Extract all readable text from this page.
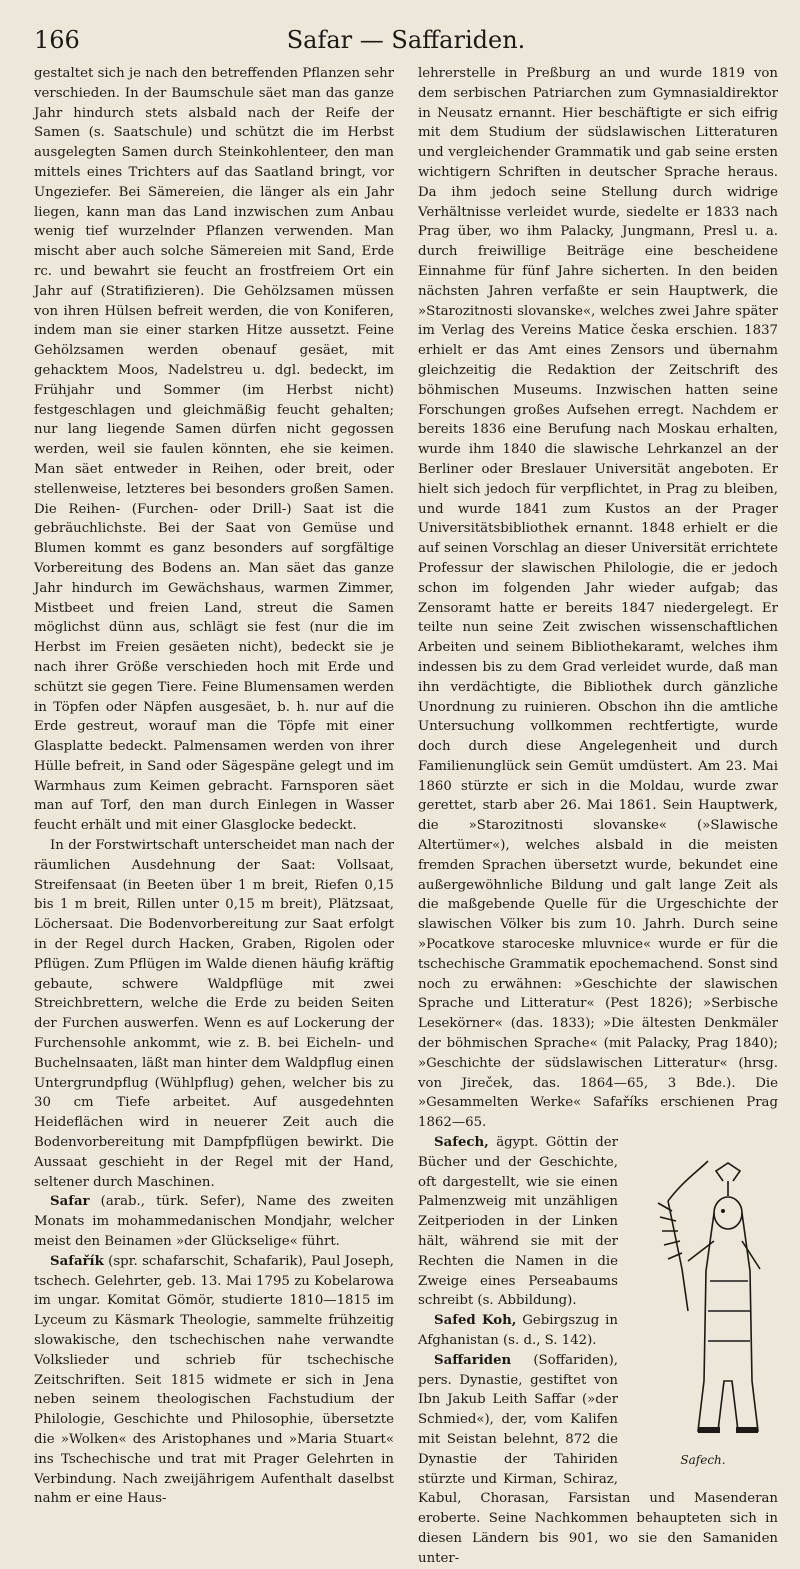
166	Safar — Saffariden.

gestaltet sich je nach den betreffenden Pflanzen sehr verschieden. In der Baumschule säet man das ganze Jahr hindurch stets alsbald nach der Reife der Samen (s. Saatschule) und schützt die im Herbst ausgelegten Samen durch Steinkohlenteer, den man mittels eines Trichters auf das Saatland bringt, vor Ungeziefer. Bei Sämereien, die länger als ein Jahr liegen, kann man das Land inzwischen zum Anbau wenig tief wurzelnder Pflanzen verwenden. Man mischt aber auch solche Sämereien mit Sand, Erde rc. und bewahrt sie feucht an frostfreiem Ort ein Jahr auf (Stratifizieren). Die Gehölzsamen müssen von ihren Hülsen befreit werden, die von Koniferen, indem man sie einer starken Hitze aussetzt. Feine Gehölzsamen werden obenauf gesäet, mit gehacktem Moos, Nadelstreu u. dgl. bedeckt, im Frühjahr und Sommer (im Herbst nicht) festgeschlagen und gleichmäßig feucht gehalten; nur lang liegende Samen dürfen nicht gegossen werden, weil sie faulen könnten, ehe sie keimen. Man säet entweder in Reihen, oder breit, oder stellenweise, letzteres bei besonders großen Samen. Die Reihen- (Furchen- oder Drill-) Saat ist die gebräuchlichste. Bei der Saat von Gemüse und Blumen kommt es ganz besonders auf sorgfältige Vorbereitung des Bodens an. Man säet das ganze Jahr hindurch im Gewächshaus, warmen Zimmer, Mistbeet und freien Land, streut die Samen möglichst dünn aus, schlägt sie fest (nur die im Herbst im Freien gesäeten nicht), bedeckt sie je nach ihrer Größe verschieden hoch mit Erde und schützt sie gegen Tiere. Feine Blumensamen werden in Töpfen oder Näpfen ausgesäet, b. h. nur auf die Erde gestreut, worauf man die Töpfe mit einer Glasplatte bedeckt. Palmensamen werden von ihrer Hülle befreit, in Sand oder Sägespäne gelegt und im Warmhaus zum Keimen gebracht. Farnsporen säet man auf Torf, den man durch Einlegen in Wasser feucht erhält und mit einer Glasglocke bedeckt.

In der Forstwirtschaft unterscheidet man nach der räumlichen Ausdehnung der Saat: Vollsaat, Streifensaat (in Beeten über 1 m breit, Riefen 0,15 bis 1 m breit, Rillen unter 0,15 m breit), Plätzsaat, Löchersaat. Die Bodenvorbereitung zur Saat erfolgt in der Regel durch Hacken, Graben, Rigolen oder Pflügen. Zum Pflügen im Walde dienen häufig kräftig gebaute, schwere Waldpflüge mit zwei Streichbrettern, welche die Erde zu beiden Seiten der Furchen auswerfen. Wenn es auf Lockerung der Furchensohle ankommt, wie z. B. bei Eicheln- und Buchelnsaaten, läßt man hinter dem Waldpflug einen Untergrundpflug (Wühlpflug) gehen, welcher bis zu 30 cm Tiefe arbeitet. Auf ausgedehnten Heideflächen wird in neuerer Zeit auch die Bodenvorbereitung mit Dampfpflügen bewirkt. Die Aussaat geschieht in der Regel mit der Hand, seltener durch Maschinen.

Safar (arab., türk. Sefer), Name des zweiten Monats im mohammedanischen Mondjahr, welcher meist den Beinamen »der Glückselige« führt.

Safařík (spr. schafarschit, Schafarik), Paul Joseph, tschech. Gelehrter, geb. 13. Mai 1795 zu Kobelarowa im ungar. Komitat Gömör, studierte 1810—1815 im Lyceum zu Käsmark Theologie, sammelte frühzeitig slowakische, den tschechischen nahe verwandte Volkslieder und schrieb für tschechische Zeitschriften. Seit 1815 widmete er sich in Jena neben seinem theologischen Fachstudium der Philologie, Geschichte und Philosophie, übersetzte die »Wolken« des Aristophanes und »Maria Stuart« ins Tschechische und trat mit Prager Gelehrten in Verbindung. Nach zweijährigem Aufenthalt daselbst nahm er eine Haus-

lehrerstelle in Preßburg an und wurde 1819 von dem serbischen Patriarchen zum Gymnasialdirektor in Neusatz ernannt. Hier beschäftigte er sich eifrig mit dem Studium der südslawischen Litteraturen und vergleichender Grammatik und gab seine ersten wichtigern Schriften in deutscher Sprache heraus. Da ihm jedoch seine Stellung durch widrige Verhältnisse verleidet wurde, siedelte er 1833 nach Prag über, wo ihm Palacky, Jungmann, Presl u. a. durch freiwillige Beiträge eine bescheidene Einnahme für fünf Jahre sicherten. In den beiden nächsten Jahren verfaßte er sein Hauptwerk, die »Starozitnosti slovanske«, welches zwei Jahre später im Verlag des Vereins Matice česka erschien. 1837 erhielt er das Amt eines Zensors und übernahm gleichzeitig die Redaktion der Zeitschrift des böhmischen Museums. Inzwischen hatten seine Forschungen großes Aufsehen erregt. Nachdem er bereits 1836 eine Berufung nach Moskau erhalten, wurde ihm 1840 die slawische Lehrkanzel an der Berliner oder Breslauer Universität angeboten. Er hielt sich jedoch für verpflichtet, in Prag zu bleiben, und wurde 1841 zum Kustos an der Prager Universitätsbibliothek ernannt. 1848 erhielt er die auf seinen Vorschlag an dieser Universität errichtete Professur der slawischen Philologie, die er jedoch schon im folgenden Jahr wieder aufgab; das Zensoramt hatte er bereits 1847 niedergelegt. Er teilte nun seine Zeit zwischen wissenschaftlichen Arbeiten und seinem Bibliothekaramt, welches ihm indessen bis zu dem Grad verleidet wurde, daß man ihn verdächtigte, die Bibliothek durch gänzliche Unordnung zu ruinieren. Obschon ihn die amtliche Untersuchung vollkommen rechtfertigte, wurde doch durch diese Angelegenheit und durch Familienunglück sein Gemüt umdüstert. Am 23. Mai 1860 stürzte er sich in die Moldau, wurde zwar gerettet, starb aber 26. Mai 1861. Sein Hauptwerk, die »Starozitnosti slovanske« (»Slawische Altertümer«), welches alsbald in die meisten fremden Sprachen übersetzt wurde, bekundet eine außergewöhnliche Bildung und galt lange Zeit als die maßgebende Quelle für die Urgeschichte der slawischen Völker bis zum 10. Jahrh. Durch seine »Pocatkove staroceske mluvnice« wurde er für die tschechische Grammatik epochemachend. Sonst sind noch zu erwähnen: »Geschichte der slawischen Sprache und Litteratur« (Pest 1826); »Serbische Lesekörner« (das. 1833); »Die ältesten Denkmäler der böhmischen Sprache« (mit Palacky, Prag 1840); »Geschichte der südslawischen Litteratur« (hrsg. von Jireček, das. 1864—65, 3 Bde.). Die »Gesammelten Werke« Safaříks erschienen Prag 1862—65.

Safech.

Safech, ägypt. Göttin der Bücher und der Geschichte, oft dargestellt, wie sie einen Palmenzweig mit unzähligen Zeitperioden in der Linken hält, während sie mit der Rechten die Namen in die Zweige eines Perseabaums schreibt (s. Abbildung).

Safed Koh, Gebirgszug in Afghanistan (s. d., S. 142).

Saffariden (Soffariden), pers. Dynastie, gestiftet von Ibn Jakub Leith Saffar (»der Schmied«), der, vom Kalifen mit Seistan belehnt, 872 die Dynastie der Tahiriden stürzte und Kirman, Schiraz, Kabul, Chorasan, Farsistan und Masenderan eroberte. Seine Nachkommen behaupteten sich in diesen Ländern bis 901, wo sie den Samaniden unter-
